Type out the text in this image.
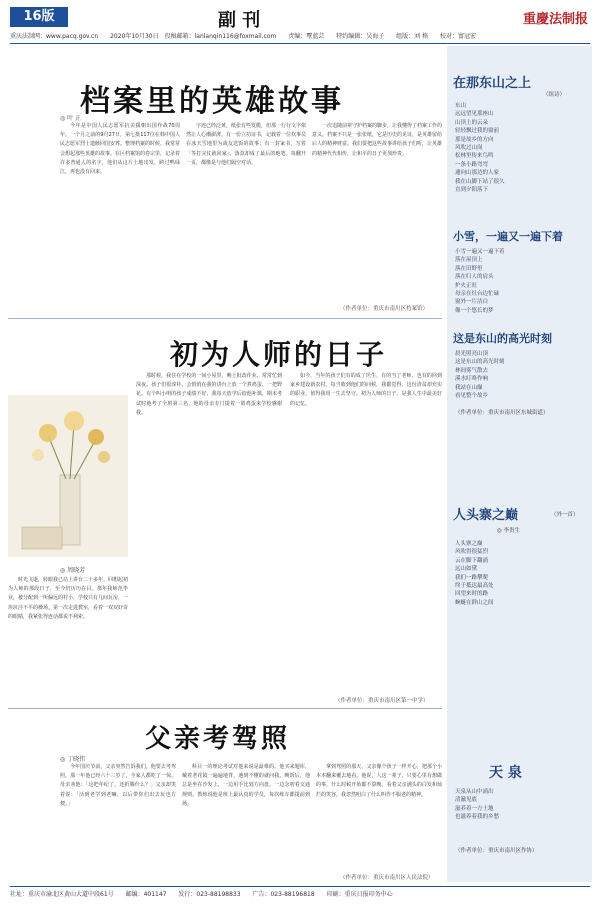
16版	副 刊	重慶法制报
重庆法制网：www.pacq.gov.cn 2020年10月30日　投稿邮箱：lanlanqin116@foxmail.com 责编：覃蓝芸 特约编辑：吴海子 组版：刘 格 校对：富冠宏
档案里的英雄故事
◎ 叶 正
今年是中国人民志愿军抗美援朝出国作战70周年。一个月之前的9月27日，第七批117位在韩中国人民志愿军烈士遗骸回国安葬。整理档案的时候，我常常会想起那些英雄的故事。在区档案馆的卷宗里，记录着许多普通人的名字，他们从这片土地出发，跨过鸭绿江，再也没有回来。
字迹已经泛黄，纸张有些发脆，但那一行行文字依然让人心潮澎湃。有一份立功证书，记载着一位炊事员在冰天雪地里为战友送饭的故事；有一封家书，写着「等打完仗就回家」，落款却成了最后的绝笔。每翻开一页，都像是与他们隔空对话。
一次追随前辈守护档案的脚步，让我懂得了档案工作的意义。档案不只是一张张纸，它是历史的见证，是英雄留给后人的精神财富。我们要把这些故事讲给孩子们听，让英雄的精神代代相传，让和平的日子更加珍贵。
（作者单位：重庆市南川区档案馆）
初为人师的日子
◎ 周晓芳
时光飞逝，转眼我已站上讲台二十多年。回想起初为人师的那段日子，至今仍历历在目。那年我师范毕业，被分配到一所偏远的村小，学校只有几间瓦房，一块坑洼不平的操场。第一次走进教室，看着一双双好奇的眼睛，我紧张得连话都说不利索。
那时候，我住在学校的一间小屋里，晚上批改作业，常常忙到深夜。孩子们很淳朴，会悄悄在我的讲台上放一个煮鸡蛋、一把野花。有个叫小明的孩子成绩不好，我每天放学后给他补课，期末考试时他考了全班第三名，他的母亲专门提着一篮鸡蛋来学校感谢我。
如今，当年的孩子们有的成了医生，有的当了老师，也有的回到家乡建设新农村。每当收到他们的问候，我都觉得，这份清贫却充实的职业，值得我用一生去坚守。初为人师的日子，是我人生中最美好的记忆。
（作者单位：重庆市南川区第一中学）
父亲考驾照
◎ 丁晓伟
今年国庆节前，父亲突然告诉我们，他要去考驾照。那一年他已经六十三岁了，全家人都吃了一惊。母亲劝他：「这把年纪了，还折腾什么？」父亲却笑着说：「活到老学到老嘛，以后带你们出去玩也方便。」
科目一的理论考试对他来说是最难的。他买来题库，戴着老花镜一遍遍地背，遇到不懂的就问我。晚饭后，他总是坐在沙发上，一边用手比划方向盘，一边念叨着交通规则。教练说他是班上最认真的学员，每次练车都提前到场。
拿到驾照的那天，父亲像个孩子一样开心，把那个小本本翻来覆去地看。他说，人这一辈子，只要心里有想做的事，什么时候开始都不算晚。看着父亲满头的白发和灿烂的笑容，我忽然明白了什么叫作不服老的精神。
（作者单位：重庆市南川区人民法院）
在那东山之上
（组诗）
东山
远远望见那座山
山顶上的云朵
轻轻飘过我的窗前
那是故乡的方向
风吹过山岗
松林里传来鸟鸣
一条小路弯弯
通向山那边的人家
我在山脚下站了很久
直到夕阳落下
小雪，一遍又一遍下着
小雪一遍又一遍下着
落在屋顶上
落在田野里
落在归人的肩头
炉火正旺
母亲在灶台边忙碌
窗外一片洁白
像一个悠长的梦
这是东山的高光时刻
晨光照亮山顶
这是东山的高光时刻
林间雾气散去
溪水叮咚作响
我站在山巅
看见整个故乡
（作者单位：重庆市南川区东城街道）
人头寨之巅	（外一首）
◎ 李贵生
人头寨之巅
风吹得很猛烈
云在脚下翻涌
远山如黛
我们一路攀爬
终于抵达最高处
回望来时的路
蜿蜒在群山之间
天 泉
天泉从山中涌出
清澈见底
滋养着一方土地
也滋养着我的乡愁
（作者单位：重庆市南川区作协）
社址：重庆市渝北区黄山大道中段61号 邮编：401147 发行：023-88198833 广告：023-88196818 印刷：重庆日报印务中心
